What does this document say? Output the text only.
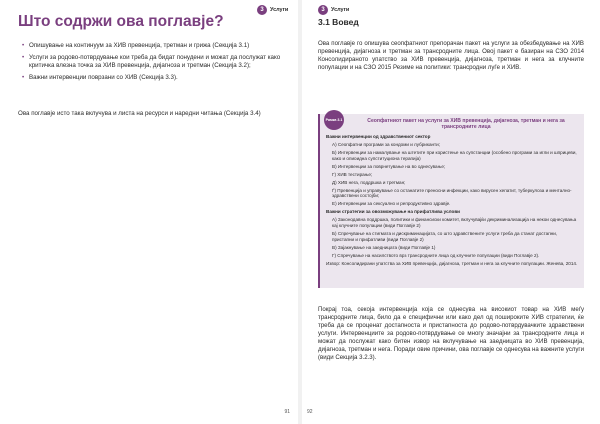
3	Услуги
Што содржи ова поглавје?
• Опишување на континуум за ХИВ превенција, третман и грижа (Секција 3.1)
• Услуги за родово-потврдување кои треба да бидат понудени и можат да послужат како критичка влезна точка за ХИВ превенција, дијагноза и третман (Секција 3.2);
• Важни интервенции поврзани со ХИВ (Секција 3.3).

Ова поглавје исто така вклучува и листа на ресурси и нарeдни читања (Секција 3.4)

91
3	Услуги
3.1 Вовед

Ова поглавје го опишува сеопфатниот препорачан пакет на услуги за обезбедување на ХИВ превенција, дијагноза и третман за трансродните лица. Овој пакет е базиран на СЗО 2014 Консолидираното упатство за ХИВ превенција, дијагноза, третман и нега за клучните популации и на СЗО 2015 Резиме на политики: трансродни луѓе и ХИВ.

Рамка 3.1	Сеопфатниот пакет на услуги за ХИВ превенција, дијагноза, третман и нега за трансродните лица

Важни интервенции од здравствениот сектор

А) Сеопфатни програми за кондоми и лубриканти;

Б) Интервенции за намалување на штетите при користење на супстанции (особено програми за игли и шприцеви, како и опиоидна супституциона терапија)

В) Интервенции за поврнетување на во однесување;

Г) ХИВ тестирање;

Д) ХИВ нега, поддршка и третман;

Ѓ) Превенција и управување со останатите преносни инфекции, како вирусен хепатит, туберкулоза и ментално-здравствени состојби;

Е) Интервенции за сексуално и репродуктивно здравје.

Важни стратегии за овозможување на прифатлива услови

А) Законодавна поддршка, политики и финансиски комитет, вклучувајќи декриминализација на некои однесувања кај клучните популации (види Поглавје 2)

Б) Спречување на стигмата и дискриминацијата, со што здравствените услуги треба да станат достапни, пристапни и прифатливи (види Поглавје 2)

В) Зајакнување на заедницата (види Поглавје 1)

Г) Спречување на насилството врз трансродните лица од клучните популации (види Поглавје 2).

Извор: Консолидирани упатства за ХИВ превенција, дијагноза, третман и нега за клучните популации. Женева, 2014.

Покрај тоа, секоја интервенција која се однесува на високиот товар на ХИВ меѓу трансродните лица, било да е специфични или како дел од пошироките ХИВ стратегии, ќе треба да се проценат достапноста и пристапноста до родово-потврдувачките здравствени услуги. Интервенциите за родово-потврдување се многу значајни за трансродните лица и можат да послужат како битен извор на вклучување на заедницата во ХИВ превенција, дијагноза, третман и нега. Поради овие причини, ова поглавје се однесува на важните услуги (види Секција 3.2.3).

92
